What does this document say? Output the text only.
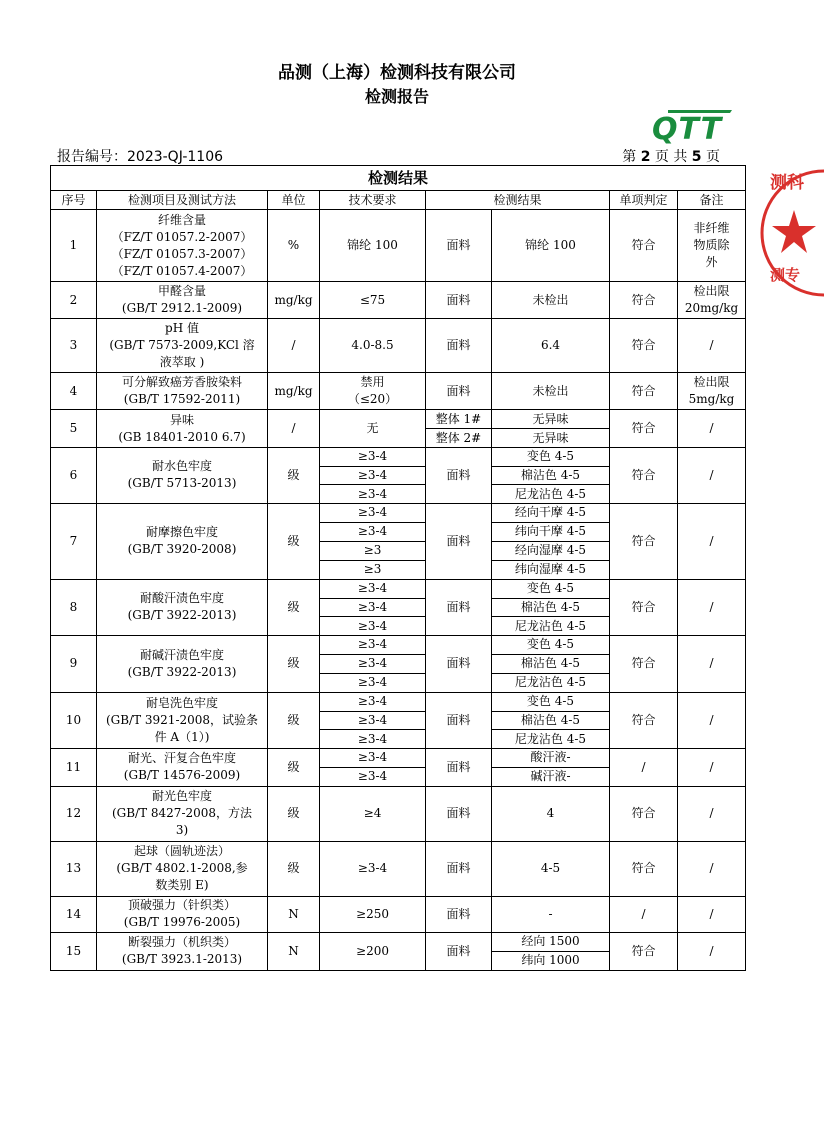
品测（上海）检测科技有限公司
检测报告
QTT
报告编号：2023-QJ-1106	第 2 页 共 5 页
测科
测专
检测结果							
序号	检测项目及测试方法	单位	技术要求	检测结果		单项判定	备注
1	纤维含量
（FZ/T 01057.2-2007）
（FZ/T 01057.3-2007）
（FZ/T 01057.4-2007）	%	锦纶 100	面料	锦纶 100	符合	非纤维
物质除
外

2	甲醛含量
(GB/T 2912.1-2009)	mg/kg	≤75	面料	未检出	符合	检出限
20mg/kg

3	pH 值
(GB/T 7573-2009,KCl 溶
液萃取 )	/	4.0-8.5	面料	6.4	符合	/

4	可分解致癌芳香胺染料
(GB/T 17592-2011)	mg/kg	禁用
（≤20）	面料	未检出	符合	检出限
5mg/kg

5	异味
(GB 18401-2010 6.7)	/	无	整体 1#	无异味	符合	/

				整体 2#	无异味		
6	耐水色牢度
(GB/T 5713-2013)	级	≥3-4	面料	变色 4-5	符合	/

			≥3-4		棉沾色 4-5		
			≥3-4		尼龙沾色 4-5		
7	耐摩擦色牢度
(GB/T 3920-2008)	级	≥3-4	面料	经向干摩 4-5	符合	/

			≥3-4		纬向干摩 4-5		
			≥3		经向湿摩 4-5		
			≥3		纬向湿摩 4-5		
8	耐酸汗渍色牢度
(GB/T 3922-2013)	级	≥3-4	面料	变色 4-5	符合	/

			≥3-4		棉沾色 4-5		
			≥3-4		尼龙沾色 4-5		
9	耐碱汗渍色牢度
(GB/T 3922-2013)	级	≥3-4	面料	变色 4-5	符合	/

			≥3-4		棉沾色 4-5		
			≥3-4		尼龙沾色 4-5		
10	耐皂洗色牢度
(GB/T 3921-2008，试验条
件 A（1）)	级	≥3-4	面料	变色 4-5	符合	/

			≥3-4		棉沾色 4-5		
			≥3-4		尼龙沾色 4-5		
11	耐光、汗复合色牢度
(GB/T 14576-2009)	级	≥3-4	面料	酸汗液-	/	/

			≥3-4		碱汗液-		
12	耐光色牢度
(GB/T 8427-2008，方法
3)	级	≥4	面料	4	符合	/

13	起球（圆轨迹法）
(GB/T 4802.1-2008,参
数类别 E)	级	≥3-4	面料	4-5	符合	/

14	顶破强力（针织类）
(GB/T 19976-2005)	N	≥250	面料	-	/	/

15	断裂强力（机织类）
(GB/T 3923.1-2013)	N	≥200	面料	经向 1500	符合	/

					纬向 1000		
